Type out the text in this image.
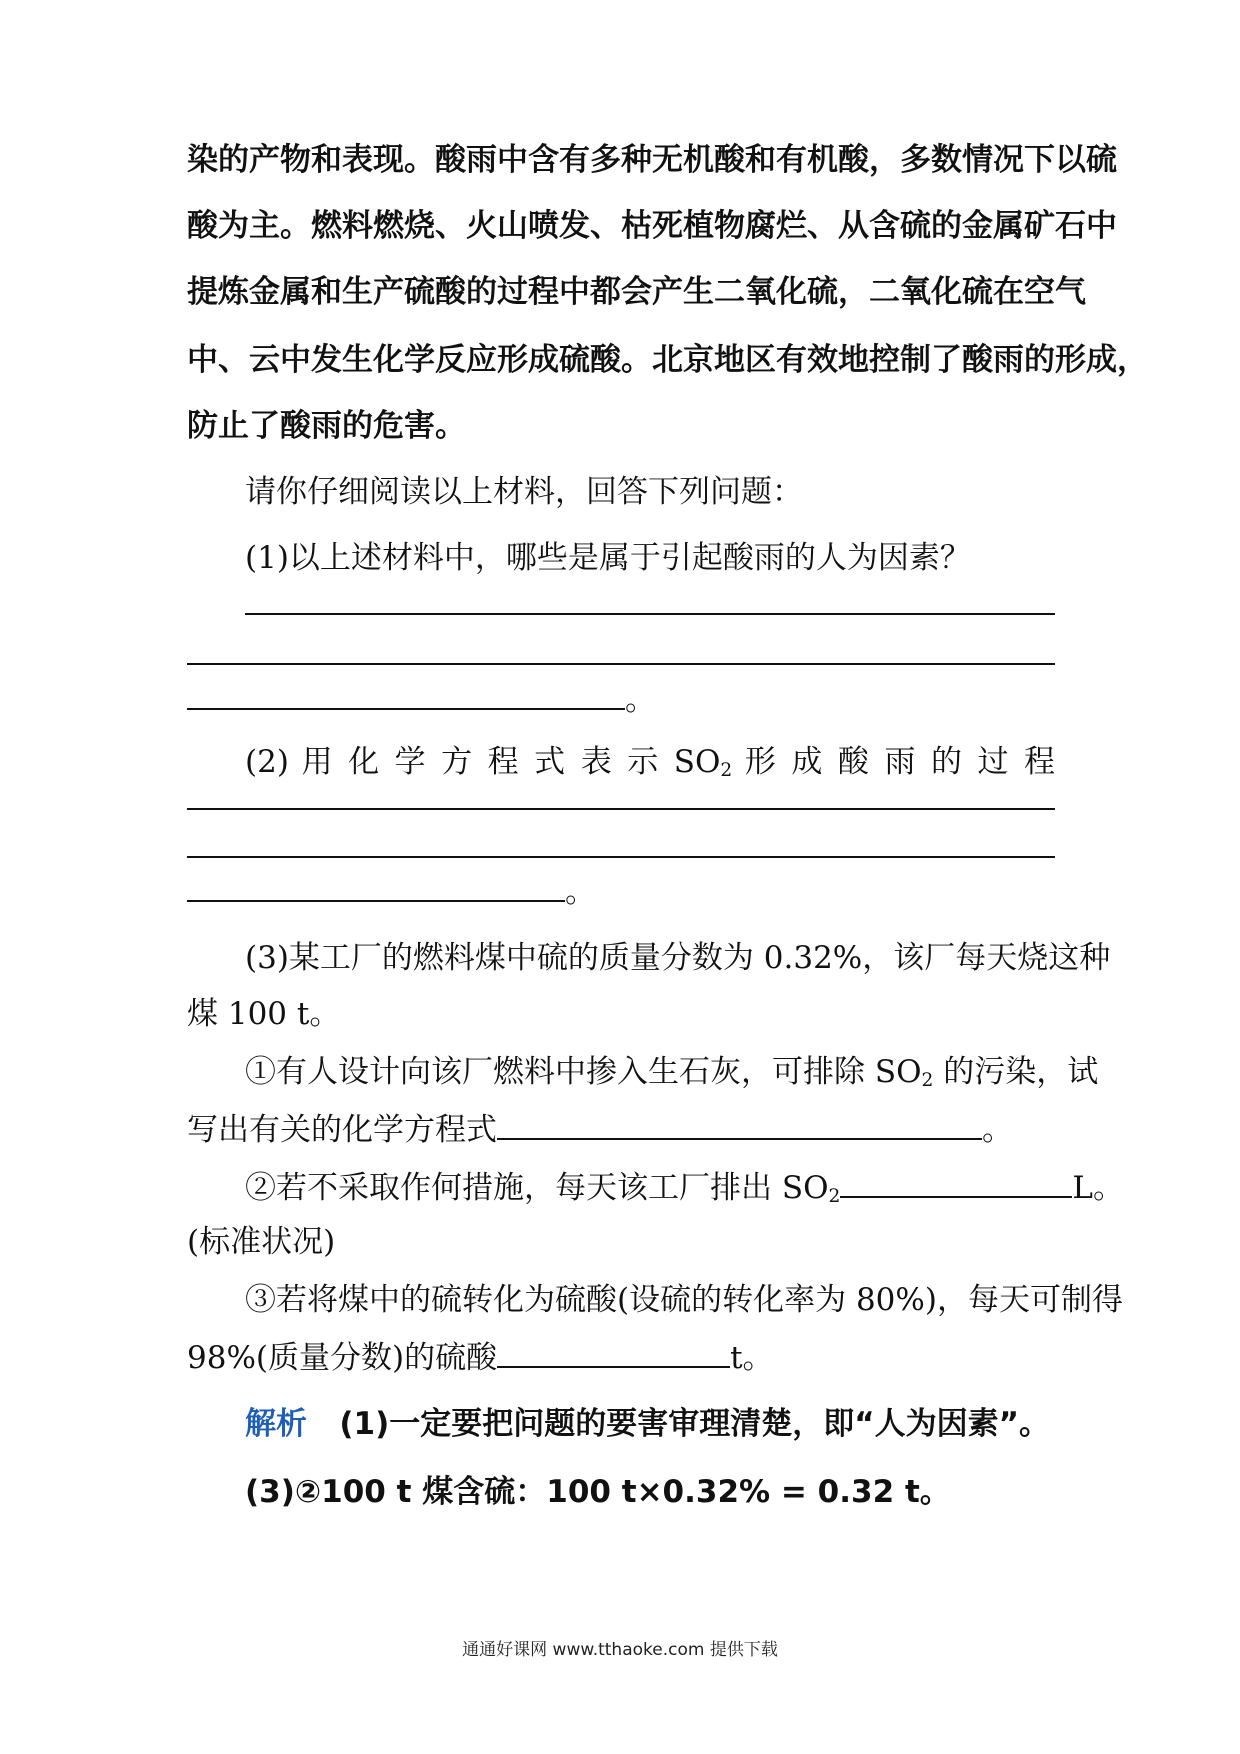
染的产物和表现。酸雨中含有多种无机酸和有机酸，多数情况下以硫
酸为主。燃料燃烧、火山喷发、枯死植物腐烂、从含硫的金属矿石中
提炼金属和生产硫酸的过程中都会产生二氧化硫，二氧化硫在空气
中、云中发生化学反应形成硫酸。北京地区有效地控制了酸雨的形成，
防止了酸雨的危害。
请你仔细阅读以上材料，回答下列问题：
(1)以上述材料中，哪些是属于引起酸雨的人为因素？
。
(2) 用 化 学 方 程 式 表 示 $SO_2$ 形 成 酸 雨 的 过 程
。
(3)某工厂的燃料煤中硫的质量分数为 0.32%，该厂每天烧这种
煤 100 t。
①有人设计向该厂燃料中掺入生石灰，可排除 $SO_2$ 的污染，试
写出有关的化学方程式	。
②若不采取作何措施，每天该工厂排出 $SO_2$	L。
(标准状况)
③若将煤中的硫转化为硫酸(设硫的转化率为 80%)，每天可制得
98%(质量分数)的硫酸	t。
解析 (1)一定要把问题的要害审理清楚，即“人为因素”。
(3)②100 t 煤含硫：100 t×0.32% = 0.32 t。
通通好课网 www.tthaoke.com 提供下载
